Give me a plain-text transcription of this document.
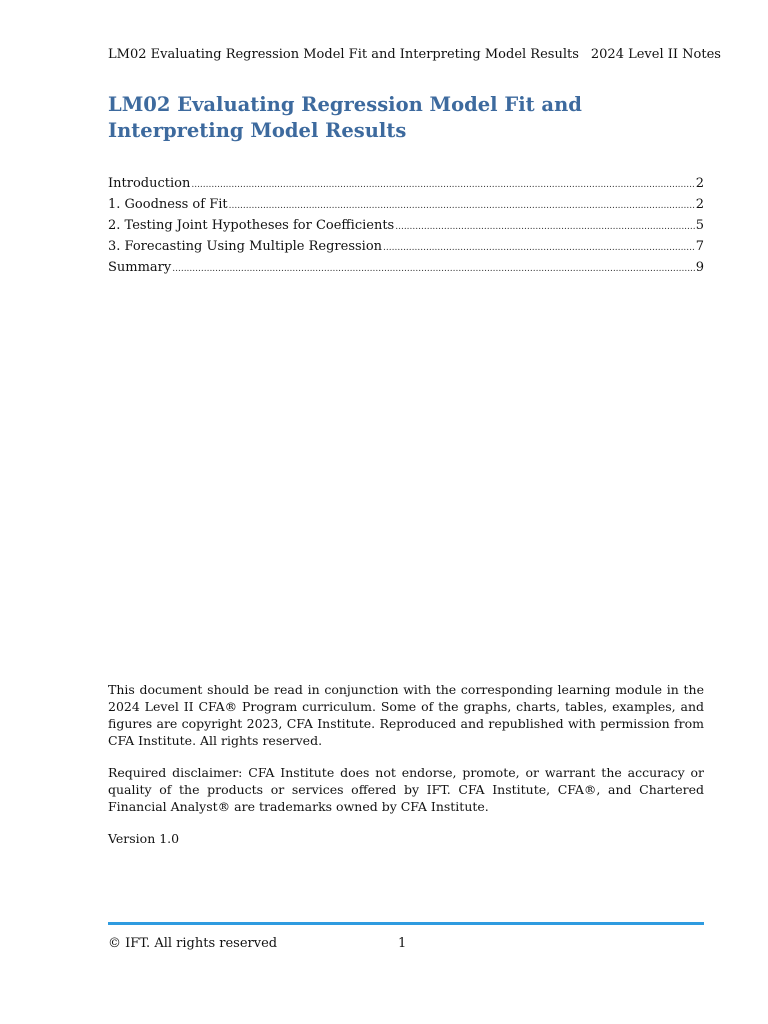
LM02 Evaluating Regression Model Fit and Interpreting Model Results 2024 Level II Notes
LM02 Evaluating Regression Model Fit and Interpreting Model Results
Introduction .....	2
1. Goodness of Fit .....	2
2. Testing Joint Hypotheses for Coefficients .....	5
3. Forecasting Using Multiple Regression .....	7
Summary .....	9

This document should be read in conjunction with the corresponding learning module in the 2024 Level II CFA® Program curriculum. Some of the graphs, charts, tables, examples, and figures are copyright 2023, CFA Institute. Reproduced and republished with permission from CFA Institute. All rights reserved.

Required disclaimer: CFA Institute does not endorse, promote, or warrant the accuracy or quality of the products or services offered by IFT. CFA Institute, CFA®, and Chartered Financial Analyst® are trademarks owned by CFA Institute.

Version 1.0

© IFT. All rights reserved	1
